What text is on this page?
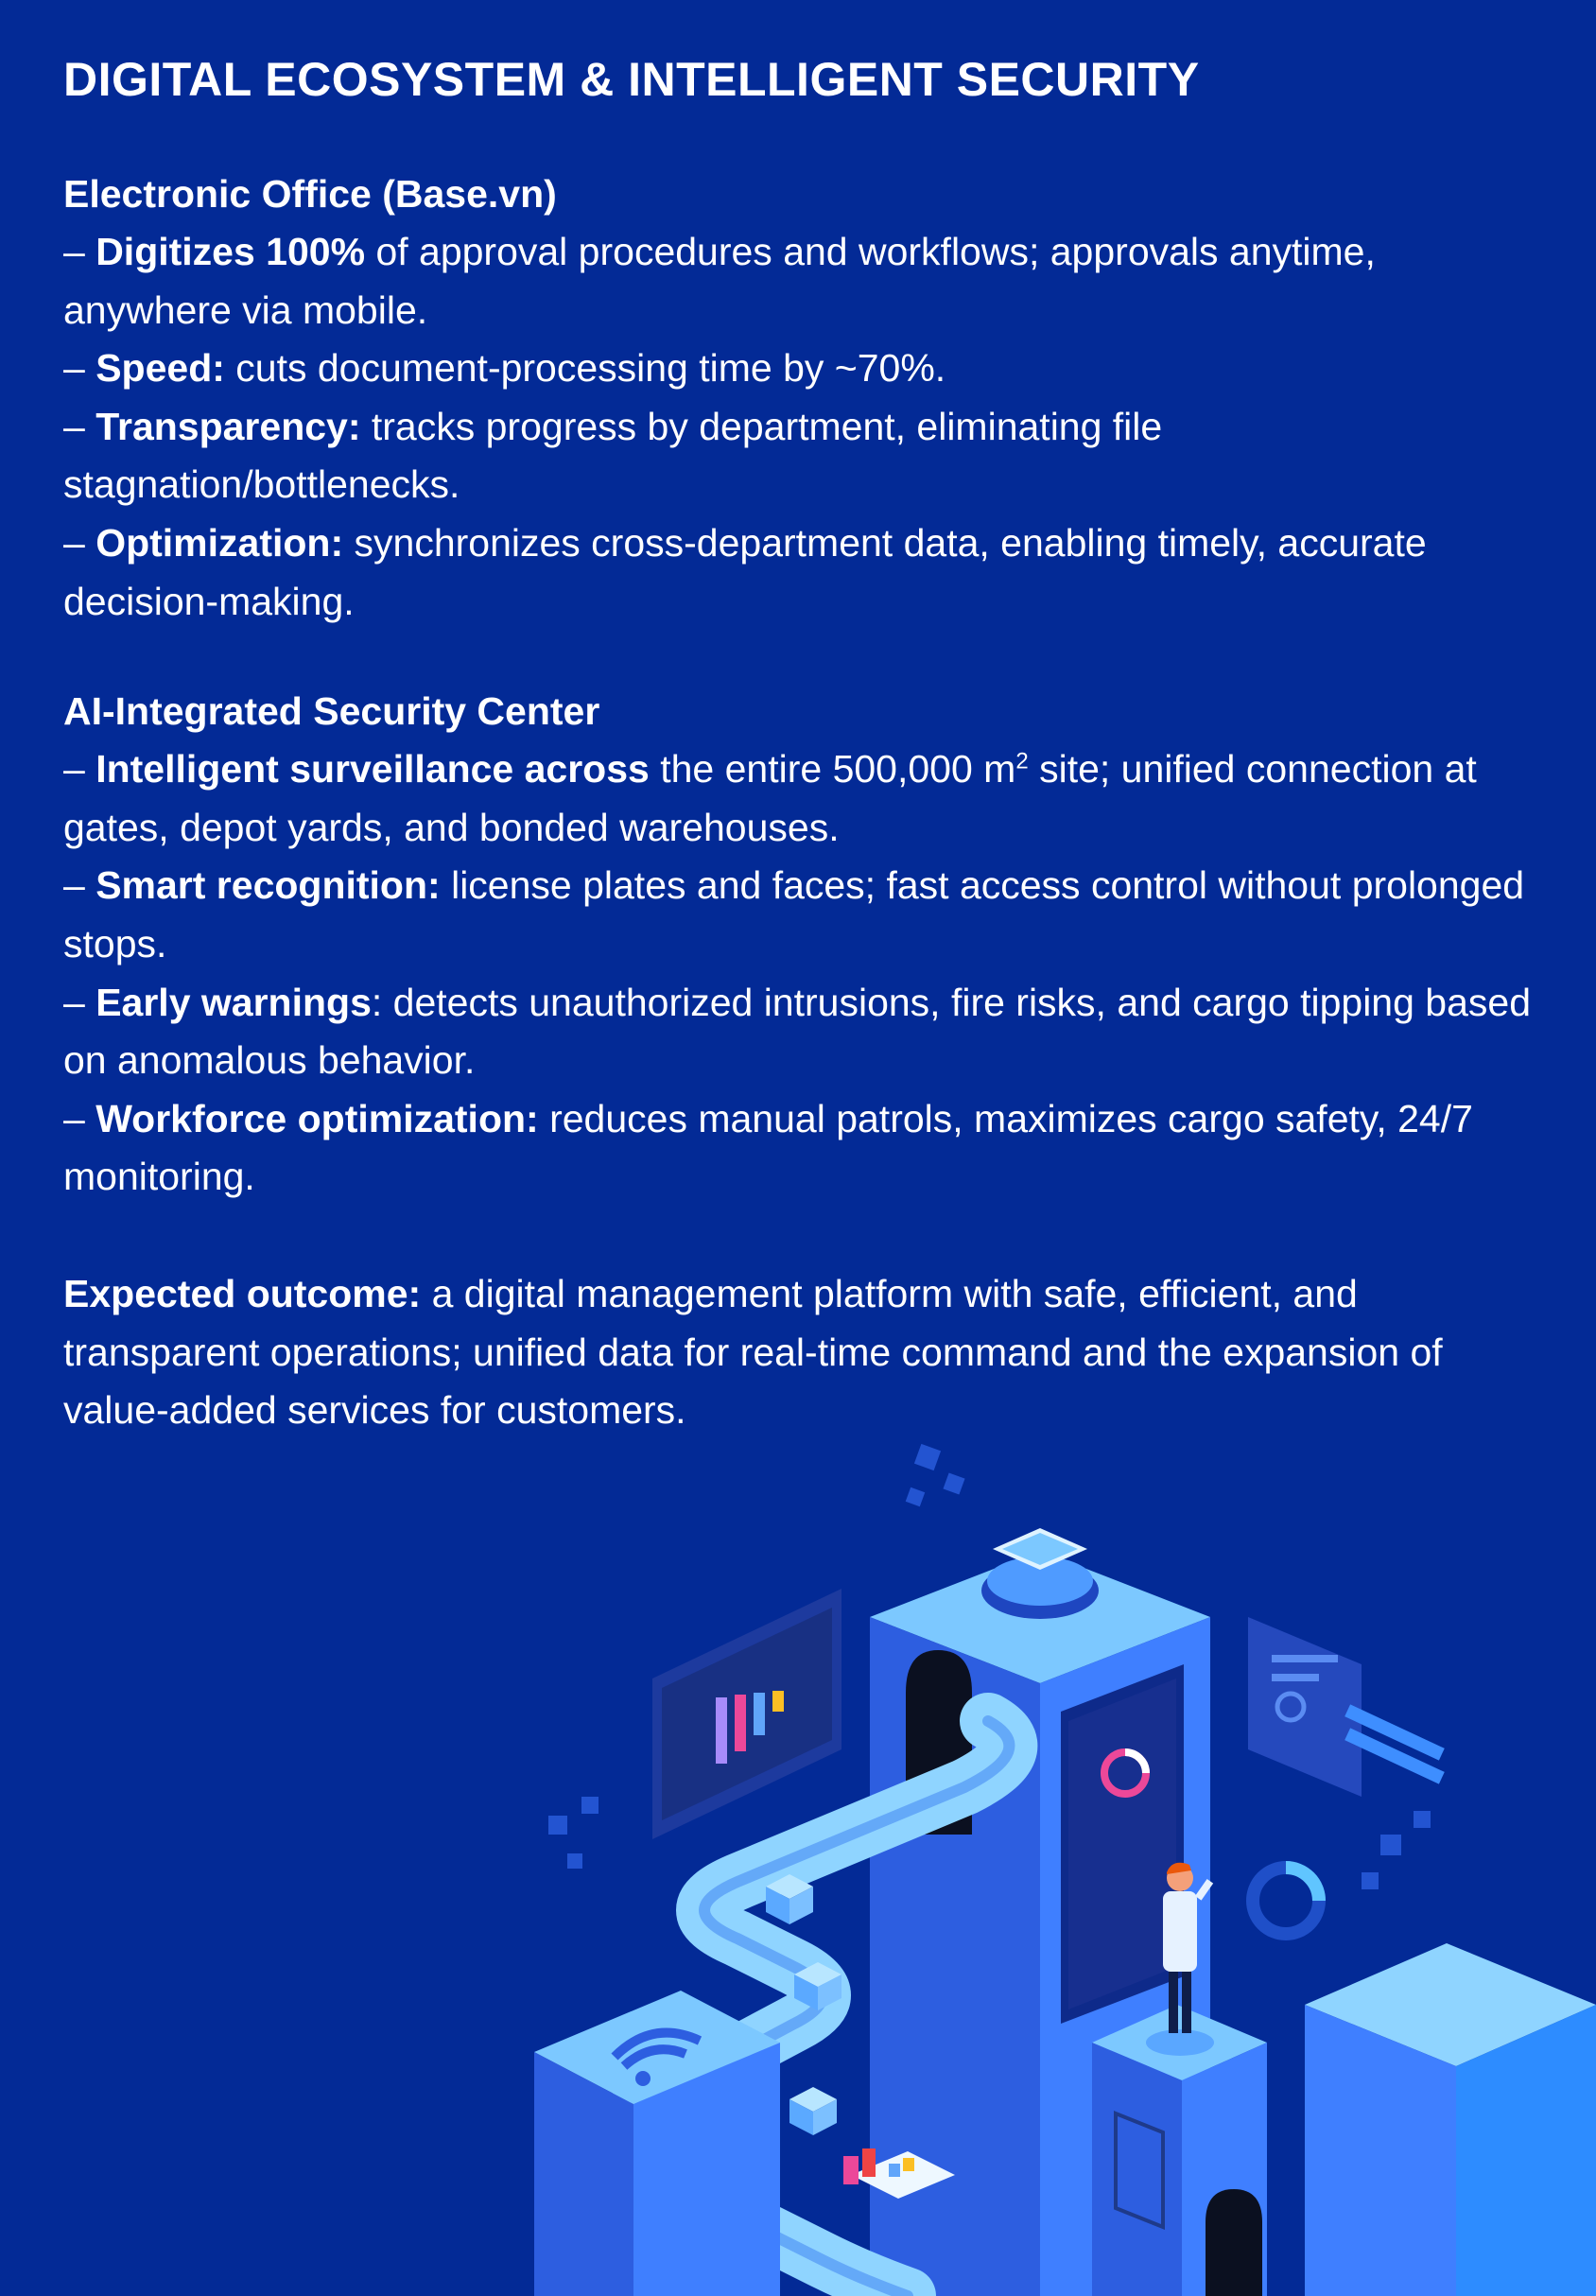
DIGITAL ECOSYSTEM & INTELLIGENT SECURITY
Electronic Office (Base.vn)
– Digitizes 100% of approval procedures and workflows; approvals anytime, anywhere via mobile.
– Speed: cuts document-processing time by ~70%.
– Transparency: tracks progress by department, eliminating file stagnation/bottlenecks.
– Optimization: synchronizes cross-department data, enabling timely, accurate decision-making.
AI-Integrated Security Center
– Intelligent surveillance across the entire 500,000 $m^2$ site; unified connection at gates, depot yards, and bonded warehouses.
– Smart recognition: license plates and faces; fast access control without prolonged stops.
– Early warnings: detects unauthorized intrusions, fire risks, and cargo tipping based on anomalous behavior.
– Workforce optimization: reduces manual patrols, maximizes cargo safety, 24/7 monitoring.
Expected outcome: a digital management platform with safe, efficient, and transparent operations; unified data for real-time command and the expansion of value-added services for customers.
